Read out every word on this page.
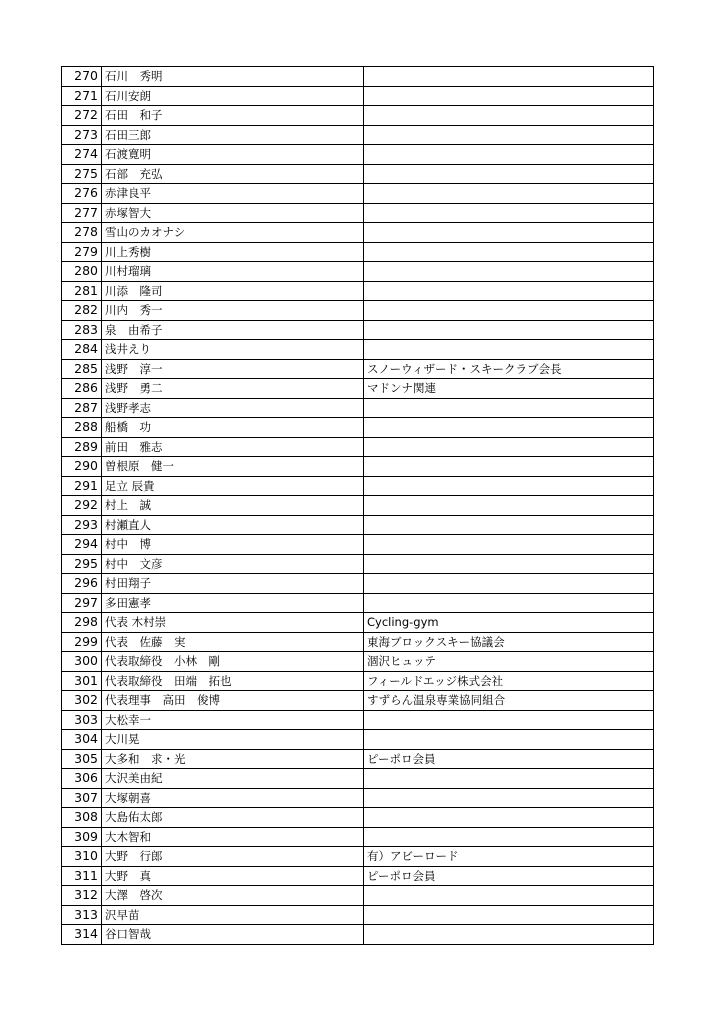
270	石川　秀明	
271	石川安朗	
272	石田　和子	
273	石田三郎	
274	石渡寛明	
275	石部　充弘	
276	赤津良平	
277	赤塚智大	
278	雪山のカオナシ	
279	川上秀樹	
280	川村瑠璃	
281	川添　隆司	
282	川内　秀一	
283	泉　由希子	
284	浅井えり	
285	浅野　淳一	スノーウィザード・スキークラブ会長
286	浅野　勇二	マドンナ関連
287	浅野孝志	
288	船橋　功	
289	前田　雅志	
290	曽根原　健一	
291	足立 辰貴	
292	村上　誠	
293	村瀬直人	
294	村中　博	
295	村中　文彦	
296	村田翔子	
297	多田憲孝	
298	代表 木村崇	Cycling-gym
299	代表　佐藤　実	東海ブロックスキー協議会
300	代表取締役　小林　剛	涸沢ヒュッテ
301	代表取締役　田端　拓也	フィールドエッジ株式会社
302	代表理事　高田　俊博	すずらん温泉専業協同組合
303	大松幸一	
304	大川晃	
305	大多和　求・光	ピーポロ会員
306	大沢美由紀	
307	大塚朝喜	
308	大島佑太郎	
309	大木智和	
310	大野　行郎	有）アビーロード
311	大野　真	ピーポロ会員
312	大澤　啓次	
313	沢早苗	
314	谷口智哉	
